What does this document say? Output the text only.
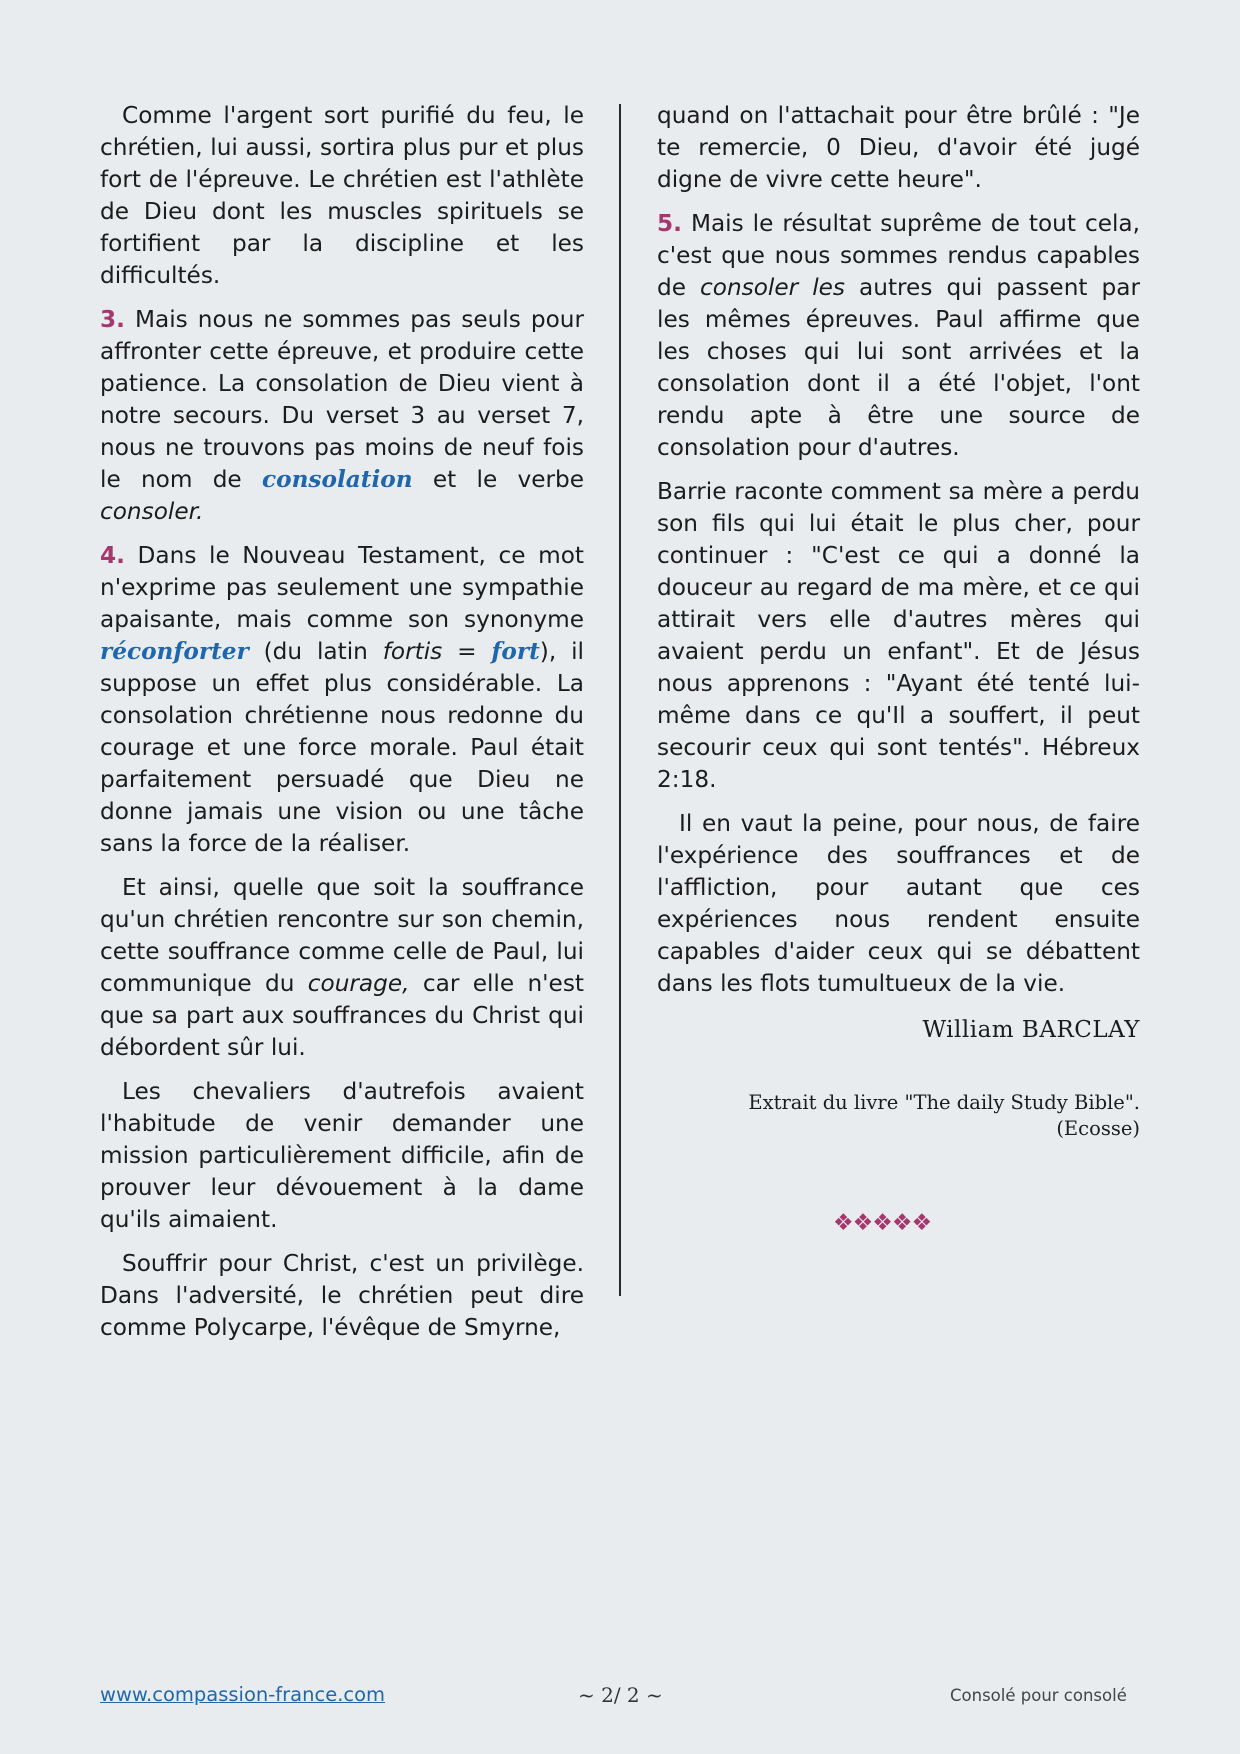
Comme l'argent sort purifié du feu, le chrétien, lui aussi, sortira plus pur et plus fort de l'épreuve. Le chrétien est l'athlète de Dieu dont les muscles spirituels se fortifient par la discipline et les difficultés.

3. Mais nous ne sommes pas seuls pour affronter cette épreuve, et produire cette patience. La consolation de Dieu vient à notre secours. Du verset 3 au verset 7, nous ne trouvons pas moins de neuf fois le nom de consolation et le verbe consoler.

4. Dans le Nouveau Testament, ce mot n'exprime pas seulement une sympathie apaisante, mais comme son synonyme réconforter (du latin fortis = fort), il suppose un effet plus considérable. La consolation chrétienne nous redonne du courage et une force morale. Paul était parfaitement persuadé que Dieu ne donne jamais une vision ou une tâche sans la force de la réaliser.

Et ainsi, quelle que soit la souffrance qu'un chrétien rencontre sur son chemin, cette souffrance comme celle de Paul, lui communique du courage, car elle n'est que sa part aux souffrances du Christ qui débordent sûr lui.

Les chevaliers d'autrefois avaient l'habitude de venir demander une mission particulièrement difficile, afin de prouver leur dévouement à la dame qu'ils aimaient.

Souffrir pour Christ, c'est un privilège. Dans l'adversité, le chrétien peut dire comme Polycarpe, l'évêque de Smyrne,

quand on l'attachait pour être brûlé : "Je te remercie, 0 Dieu, d'avoir été jugé digne de vivre cette heure".

5. Mais le résultat suprême de tout cela, c'est que nous sommes rendus capables de consoler les autres qui passent par les mêmes épreuves. Paul affirme que les choses qui lui sont arrivées et la consolation dont il a été l'objet, l'ont rendu apte à être une source de consolation pour d'autres.

Barrie raconte comment sa mère a perdu son fils qui lui était le plus cher, pour continuer : "C'est ce qui a donné la douceur au regard de ma mère, et ce qui attirait vers elle d'autres mères qui avaient perdu un enfant". Et de Jésus nous apprenons : "Ayant été tenté lui-même dans ce qu'Il a souffert, il peut secourir ceux qui sont tentés". Hébreux 2:18.

Il en vaut la peine, pour nous, de faire l'expérience des souffrances et de l'affliction, pour autant que ces expériences nous rendent ensuite capables d'aider ceux qui se débattent dans les flots tumultueux de la vie.

William BARCLAY
Extrait du livre "The daily Study Bible".
(Ecosse)
❖❖❖❖❖
www.compassion-france.com	~ 2/ 2 ~	Consolé pour consolé
